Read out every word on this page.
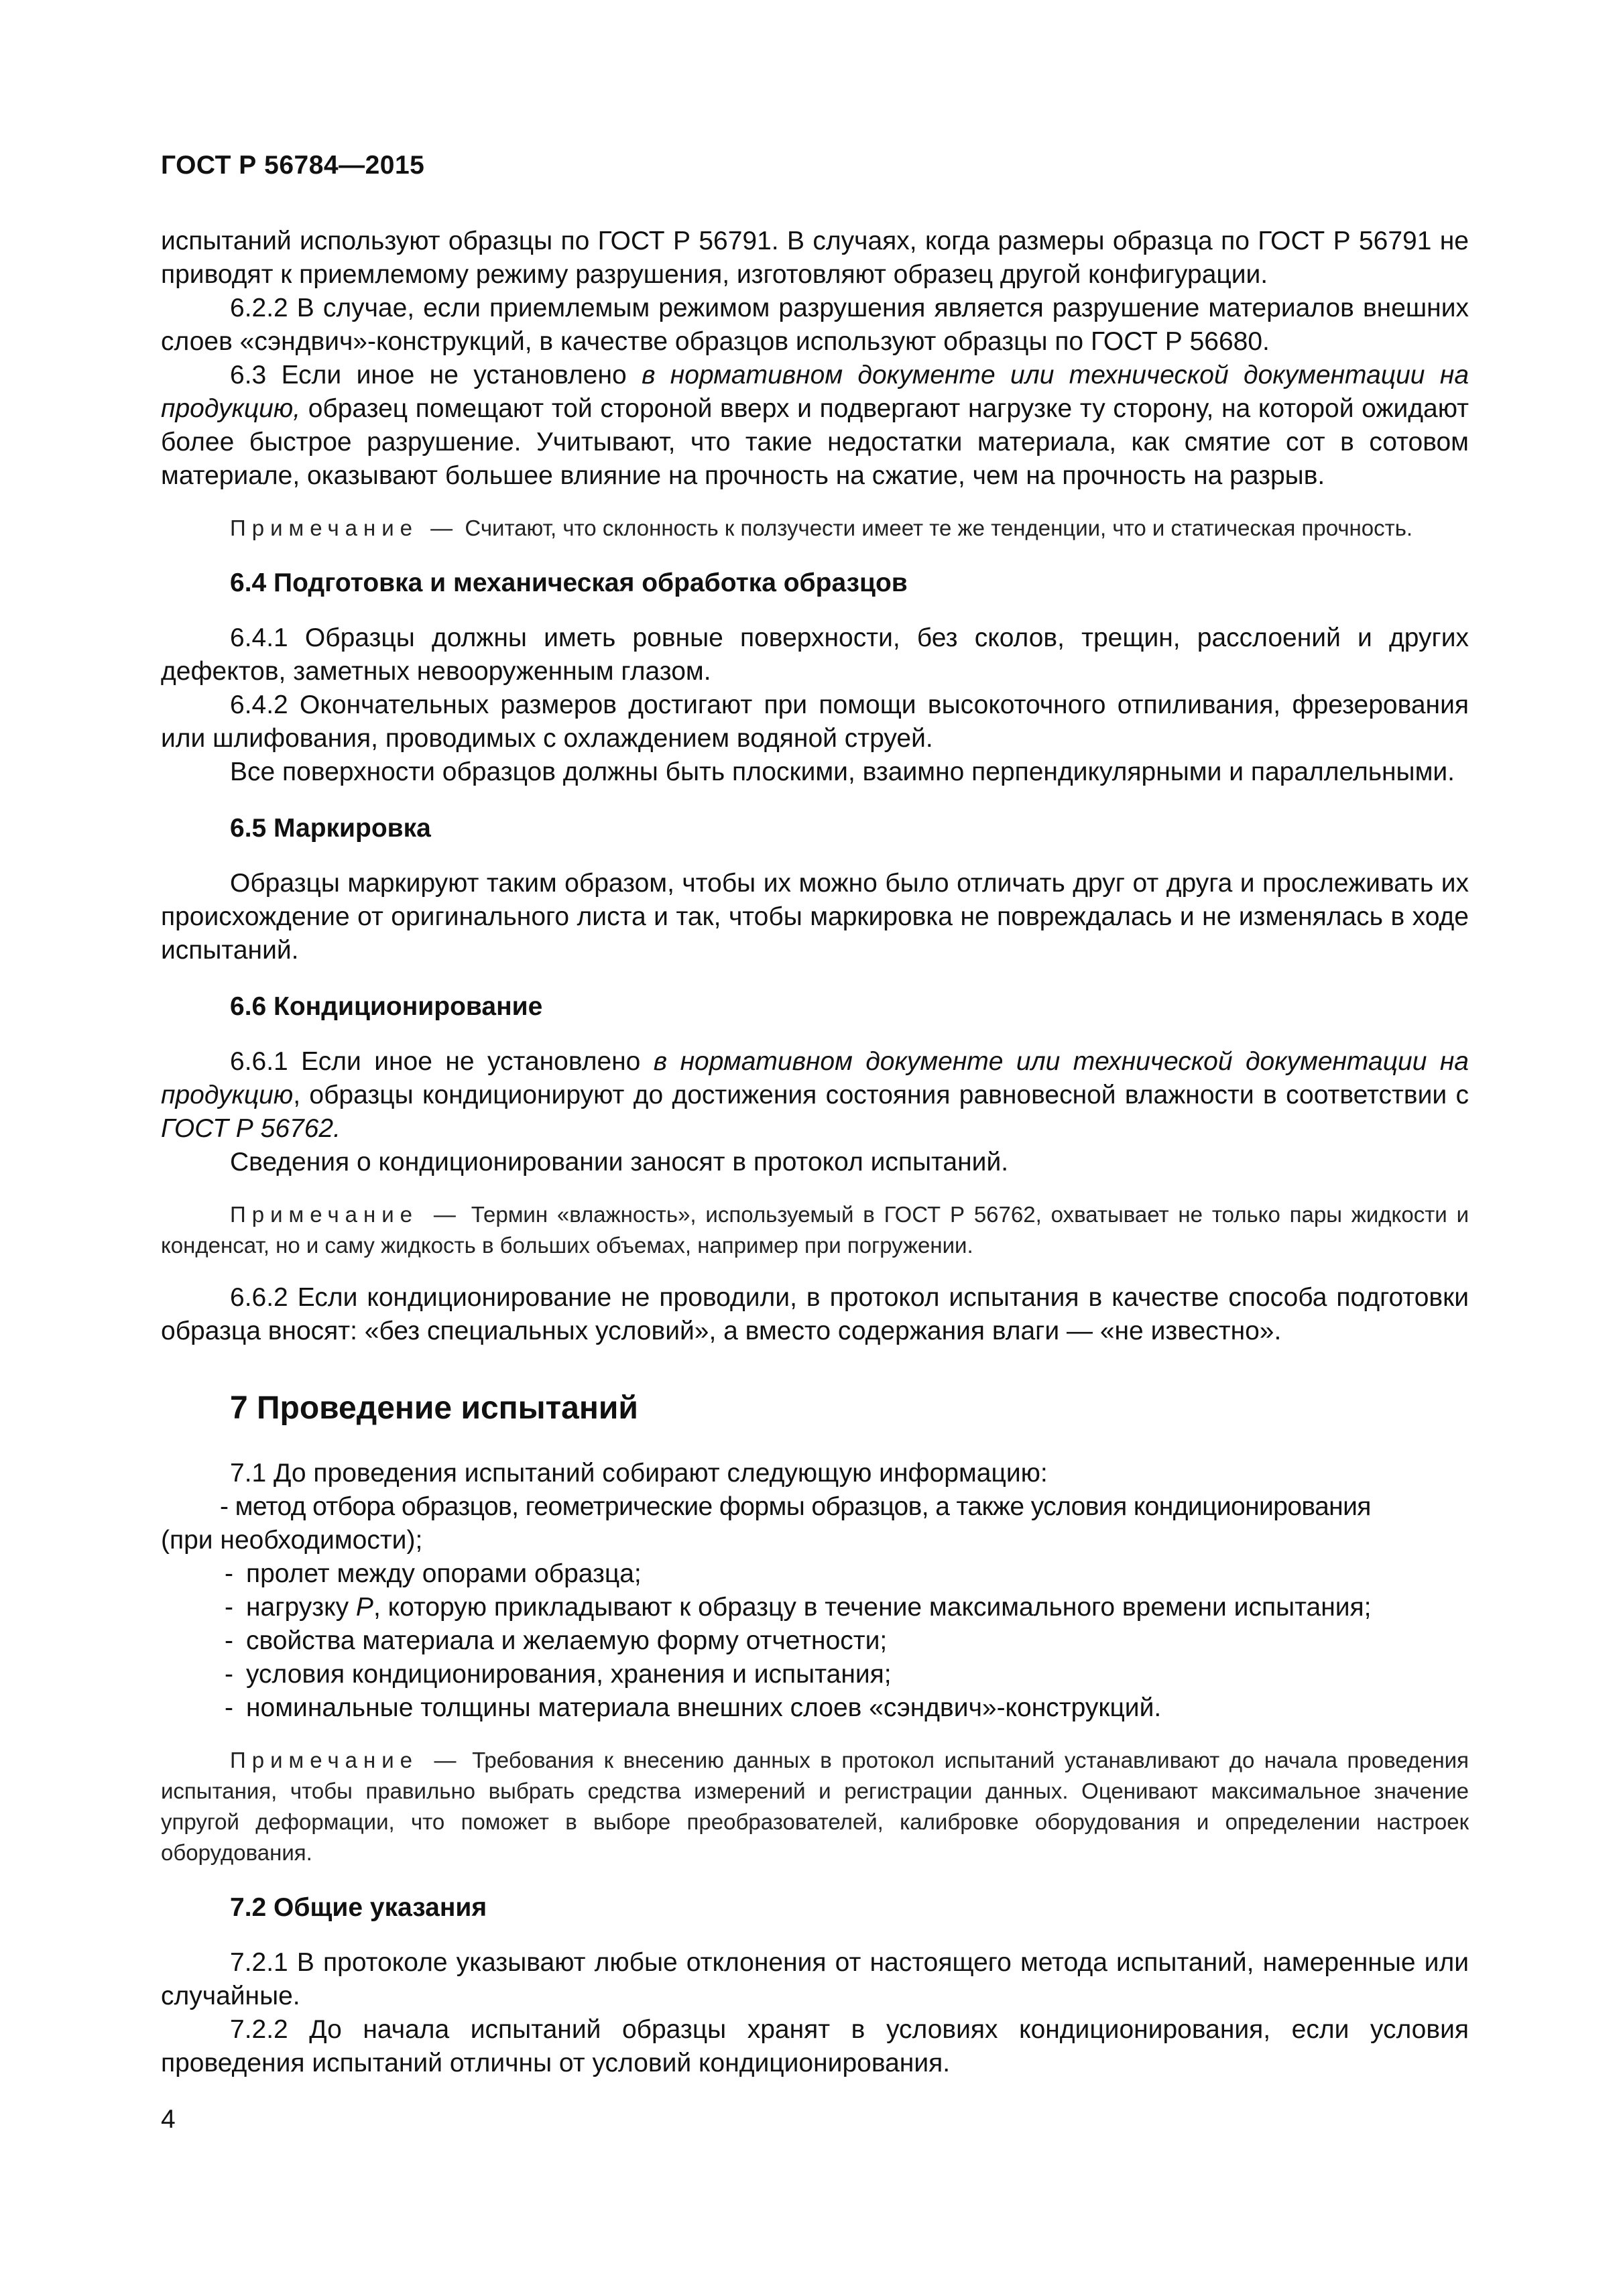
ГОСТ Р 56784—2015

испытаний используют образцы по ГОСТ Р 56791. В случаях, когда размеры образца по ГОСТ Р 56791 не приводят к приемлемому режиму разрушения, изготовляют образец другой конфигурации.

6.2.2 В случае, если приемлемым режимом разрушения является разрушение материалов внешних слоев «сэндвич»-конструкций, в качестве образцов используют образцы по ГОСТ Р 56680.

6.3 Если иное не установлено в нормативном документе или технической документации на продукцию, образец помещают той стороной вверх и подвергают нагрузке ту сторону, на которой ожидают более быстрое разрушение. Учитывают, что такие недостатки материала, как смятие сот в сотовом материале, оказывают большее влияние на прочность на сжатие, чем на прочность на разрыв.

Примечание — Считают, что склонность к ползучести имеет те же тенденции, что и статическая прочность.

6.4 Подготовка и механическая обработка образцов

6.4.1 Образцы должны иметь ровные поверхности, без сколов, трещин, расслоений и других дефектов, заметных невооруженным глазом.

6.4.2 Окончательных размеров достигают при помощи высокоточного отпиливания, фрезерования или шлифования, проводимых с охлаждением водяной струей.

Все поверхности образцов должны быть плоскими, взаимно перпендикулярными и параллельными.

6.5 Маркировка

Образцы маркируют таким образом, чтобы их можно было отличать друг от друга и прослеживать их происхождение от оригинального листа и так, чтобы маркировка не повреждалась и не изменялась в ходе испытаний.

6.6 Кондиционирование

6.6.1 Если иное не установлено в нормативном документе или технической документации на продукцию, образцы кондиционируют до достижения состояния равновесной влажности в соответствии с ГОСТ Р 56762.

Сведения о кондиционировании заносят в протокол испытаний.

Примечание — Термин «влажность», используемый в ГОСТ Р 56762, охватывает не только пары жидкости и конденсат, но и саму жидкость в больших объемах, например при погружении.

6.6.2 Если кондиционирование не проводили, в протокол испытания в качестве способа подготовки образца вносят: «без специальных условий», а вместо содержания влаги — «не известно».

7 Проведение испытаний

7.1 До проведения испытаний собирают следующую информацию:

- метод отбора образцов, геометрические формы образцов, а также условия кондиционирования

(при необходимости);

- пролет между опорами образца;

- нагрузку P, которую прикладывают к образцу в течение максимального времени испытания;

- свойства материала и желаемую форму отчетности;

- условия кондиционирования, хранения и испытания;

- номинальные толщины материала внешних слоев «сэндвич»-конструкций.

Примечание — Требования к внесению данных в протокол испытаний устанавливают до начала проведения испытания, чтобы правильно выбрать средства измерений и регистрации данных. Оценивают максимальное значение упругой деформации, что поможет в выборе преобразователей, калибровке оборудования и определении настроек оборудования.

7.2 Общие указания

7.2.1 В протоколе указывают любые отклонения от настоящего метода испытаний, намеренные или случайные.

7.2.2 До начала испытаний образцы хранят в условиях кондиционирования, если условия проведения испытаний отличны от условий кондиционирования.

4
